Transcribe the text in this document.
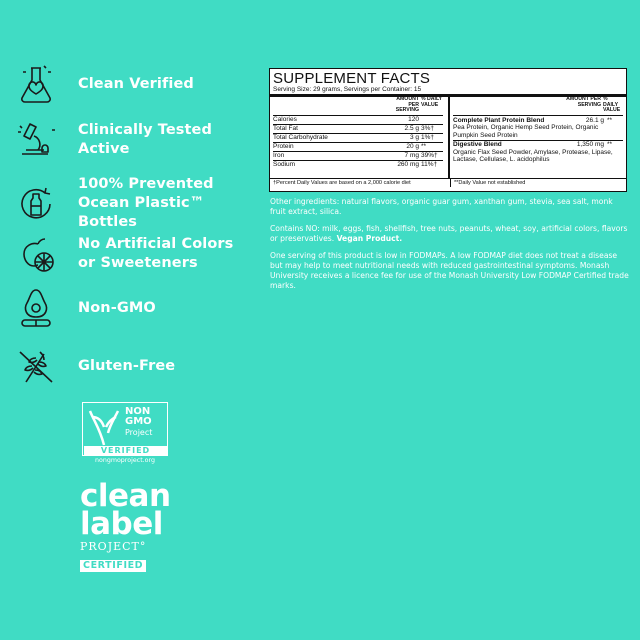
Clean Verified
Clinically Tested Active
100% Prevented Ocean Plastic™ Bottles
No Artificial Colors or Sweeteners
Non-GMO
Gluten-Free
NON
GMO
Project
VERIFIED
nongmoproject.org
clean
label
PROJECT°
CERTIFIED
SUPPLEMENT FACTS
Serving Size: 29 grams, Servings per Container: 15
AMOUNT PER SERVING
% DAILY VALUE
Calories	120
Total Fat	2.5 g 3%†
Total Carbohydrate	3 g 1%†
Protein	20 g **
Iron	7 mg 39%†
Sodium	260 mg 11%†
AMOUNT PER SERVING
% DAILY VALUE
Complete Plant Protein Blend	26.1 g **
Pea Protein, Organic Hemp Seed Protein, Organic Pumpkin Seed Protein
Digestive Blend	1,350 mg **
Organic Flax Seed Powder, Amylase, Protease, Lipase, Lactase, Cellulase, L. acidophilus
†Percent Daily Values are based on a 2,000 calorie diet	**Daily Value not established

Other ingredients: natural flavors, organic guar gum, xanthan gum, stevia, sea salt, monk fruit extract, silica.

Contains NO: milk, eggs, fish, shellfish, tree nuts, peanuts, wheat, soy, artificial colors, flavors or preservatives. Vegan Product.

One serving of this product is low in FODMAPs. A low FODMAP diet does not treat a disease but may help to meet nutritional needs with reduced gastrointestinal symptoms. Monash University receives a licence fee for use of the Monash University Low FODMAP Certified trade marks.
